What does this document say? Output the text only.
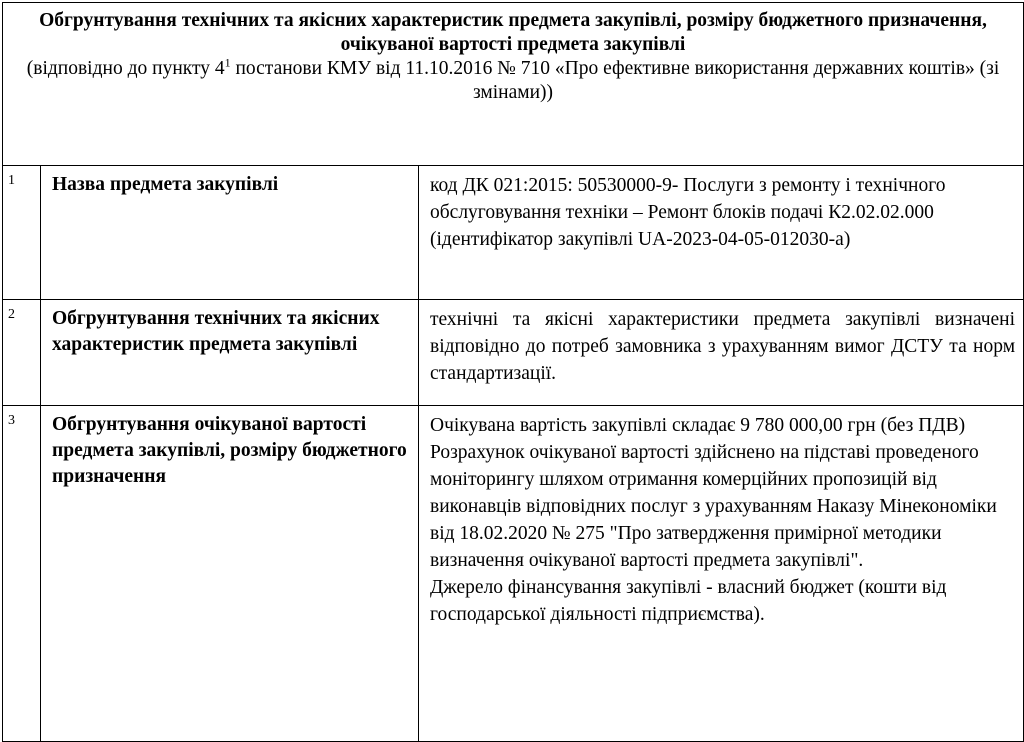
Обгрунтування технічних та якісних характеристик предмета закупівлі, розміру бюджетного призначення, очікуваної вартості предмета закупівлі
(відповідно до пункту $4^1$ постанови КМУ від 11.10.2016 № 710 «Про ефективне використання державних коштів» (зі змінами))		

1	Назва предмета закупівлі	код ДК 021:2015: 50530000-9- Послуги з ремонту і технічного обслуговування техніки – Ремонт блоків подачі К2.02.02.000

(ідентифікатор закупівлі UA-2023-04-05-012030-a)

2	Обгрунтування технічних та якісних характеристик предмета закупівлі	технічні та якісні характеристики предмета закупівлі визначені відповідно до потреб замовника з урахуванням вимог ДСТУ та норм стандартизації.

3	Обгрунтування очікуваної вартості предмета закупівлі, розміру бюджетного призначення	Очікувана вартість закупівлі складає 9 780 000,00 грн (без ПДВ)

Розрахунок очікуваної вартості здійснено на підставі проведеного моніторингу шляхом отримання комерційних пропозицій від виконавців відповідних послуг з урахуванням Наказу Мінекономіки від 18.02.2020 № 275 "Про затвердження примірної методики визначення очікуваної вартості предмета закупівлі".

Джерело фінансування закупівлі - власний бюджет (кошти від господарської діяльності підприємства).
